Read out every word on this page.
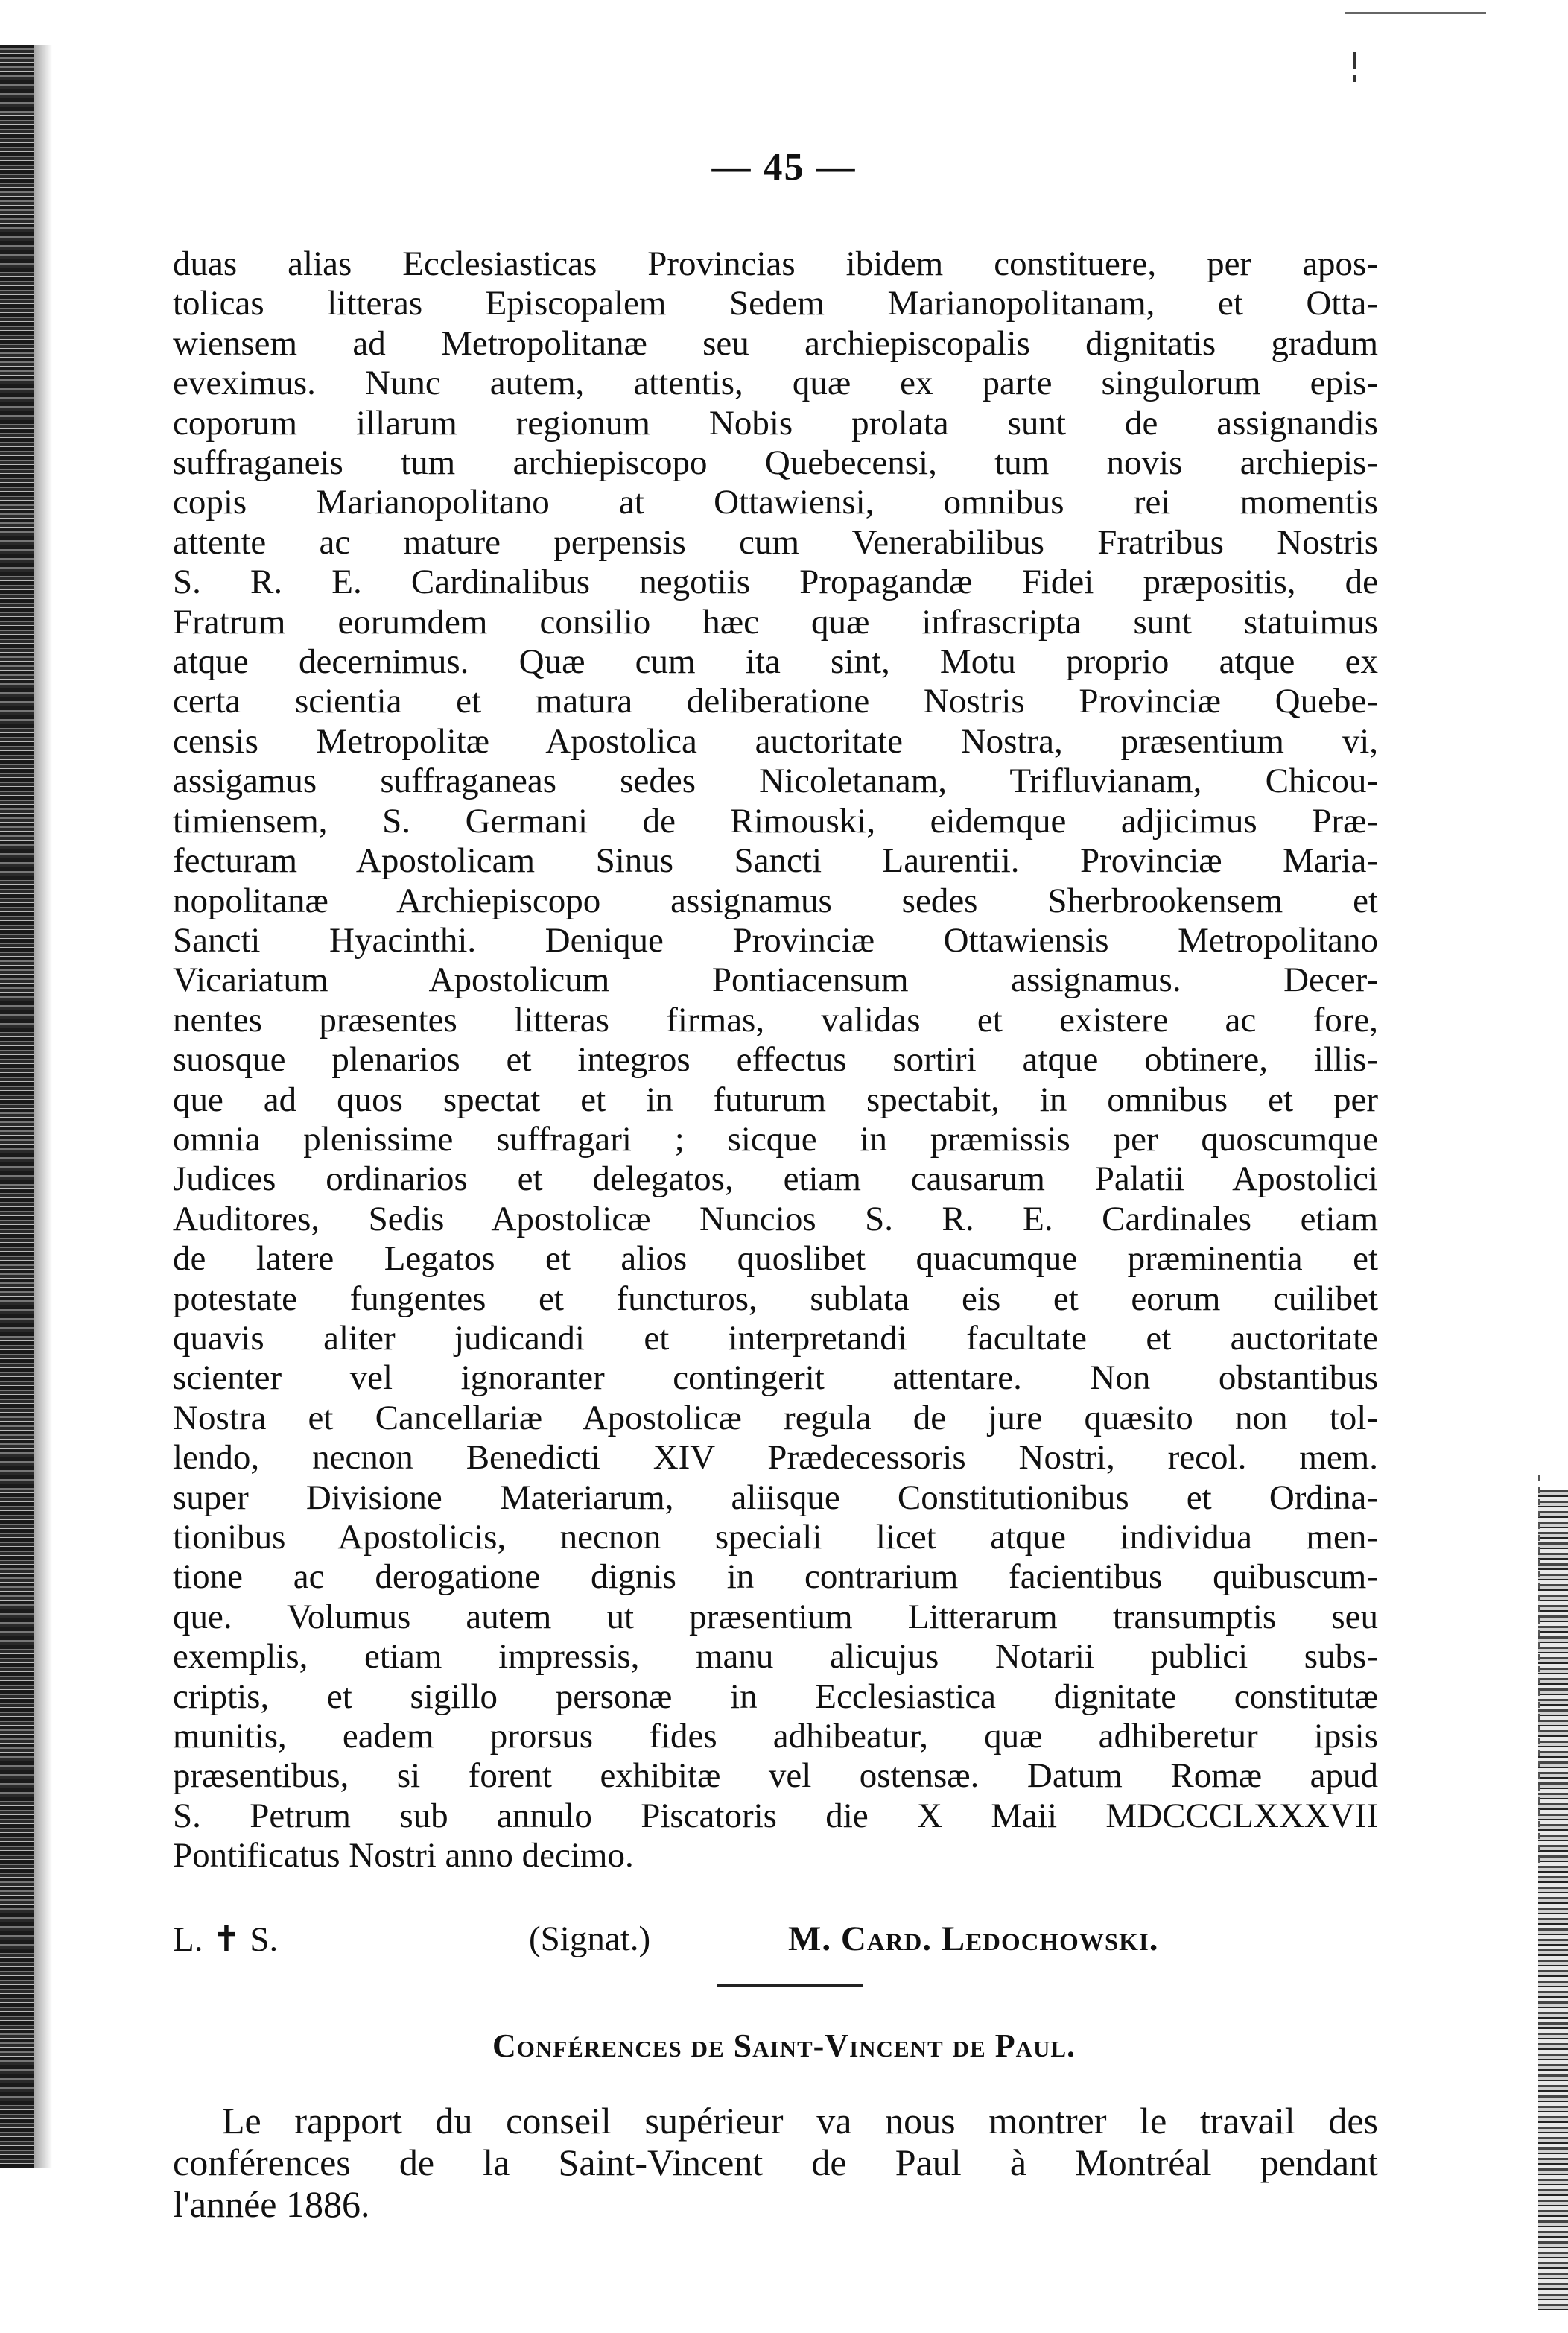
— 45 —
duas alias Ecclesiasticas Provincias ibidem constituere, per apos-
tolicas litteras Episcopalem Sedem Marianopolitanam, et Otta-
wiensem ad Metropolitanæ seu archiepiscopalis dignitatis gradum
eveximus. Nunc autem, attentis, quæ ex parte singulorum epis-
coporum illarum regionum Nobis prolata sunt de assignandis
suffraganeis tum archiepiscopo Quebecensi, tum novis archiepis-
copis Marianopolitano at Ottawiensi, omnibus rei momentis
attente ac mature perpensis cum Venerabilibus Fratribus Nostris
S. R. E. Cardinalibus negotiis Propagandæ Fidei præpositis, de
Fratrum eorumdem consilio hæc quæ infrascripta sunt statuimus
atque decernimus. Quæ cum ita sint, Motu proprio atque ex
certa scientia et matura deliberatione Nostris Provinciæ Quebe-
censis Metropolitæ Apostolica auctoritate Nostra, præsentium vi,
assigamus suffraganeas sedes Nicoletanam, Trifluvianam, Chicou-
timiensem, S. Germani de Rimouski, eidemque adjicimus Præ-
fecturam Apostolicam Sinus Sancti Laurentii. Provinciæ Maria-
nopolitanæ Archiepiscopo assignamus sedes Sherbrookensem et
Sancti Hyacinthi. Denique Provinciæ Ottawiensis Metropolitano
Vicariatum Apostolicum Pontiacensum assignamus. Decer-
nentes præsentes litteras firmas, validas et existere ac fore,
suosque plenarios et integros effectus sortiri atque obtinere, illis-
que ad quos spectat et in futurum spectabit, in omnibus et per
omnia plenissime suffragari ; sicque in præmissis per quoscumque
Judices ordinarios et delegatos, etiam causarum Palatii Apostolici
Auditores, Sedis Apostolicæ Nuncios S. R. E. Cardinales etiam
de latere Legatos et alios quoslibet quacumque præminentia et
potestate fungentes et functuros, sublata eis et eorum cuilibet
quavis aliter judicandi et interpretandi facultate et auctoritate
scienter vel ignoranter contingerit attentare. Non obstantibus
Nostra et Cancellariæ Apostolicæ regula de jure quæsito non tol-
lendo, necnon Benedicti XIV Prædecessoris Nostri, recol. mem.
super Divisione Materiarum, aliisque Constitutionibus et Ordina-
tionibus Apostolicis, necnon speciali licet atque individua men-
tione ac derogatione dignis in contrarium facientibus quibuscum-
que. Volumus autem ut præsentium Litterarum transumptis seu
exemplis, etiam impressis, manu alicujus Notarii publici subs-
criptis, et sigillo personæ in Ecclesiastica dignitate constitutæ
munitis, eadem prorsus fides adhibeatur, quæ adhiberetur ipsis
præsentibus, si forent exhibitæ vel ostensæ. Datum Romæ apud
S. Petrum sub annulo Piscatoris die X Maii MDCCCLXXXVII
Pontificatus Nostri anno decimo.
L. ✝ S.	(Signat.)	M. Card. Ledochowski.
Conférences de Saint-Vincent de Paul.
Le rapport du conseil supérieur va nous montrer le travail des
conférences de la Saint-Vincent de Paul à Montréal pendant
l'année 1886.
